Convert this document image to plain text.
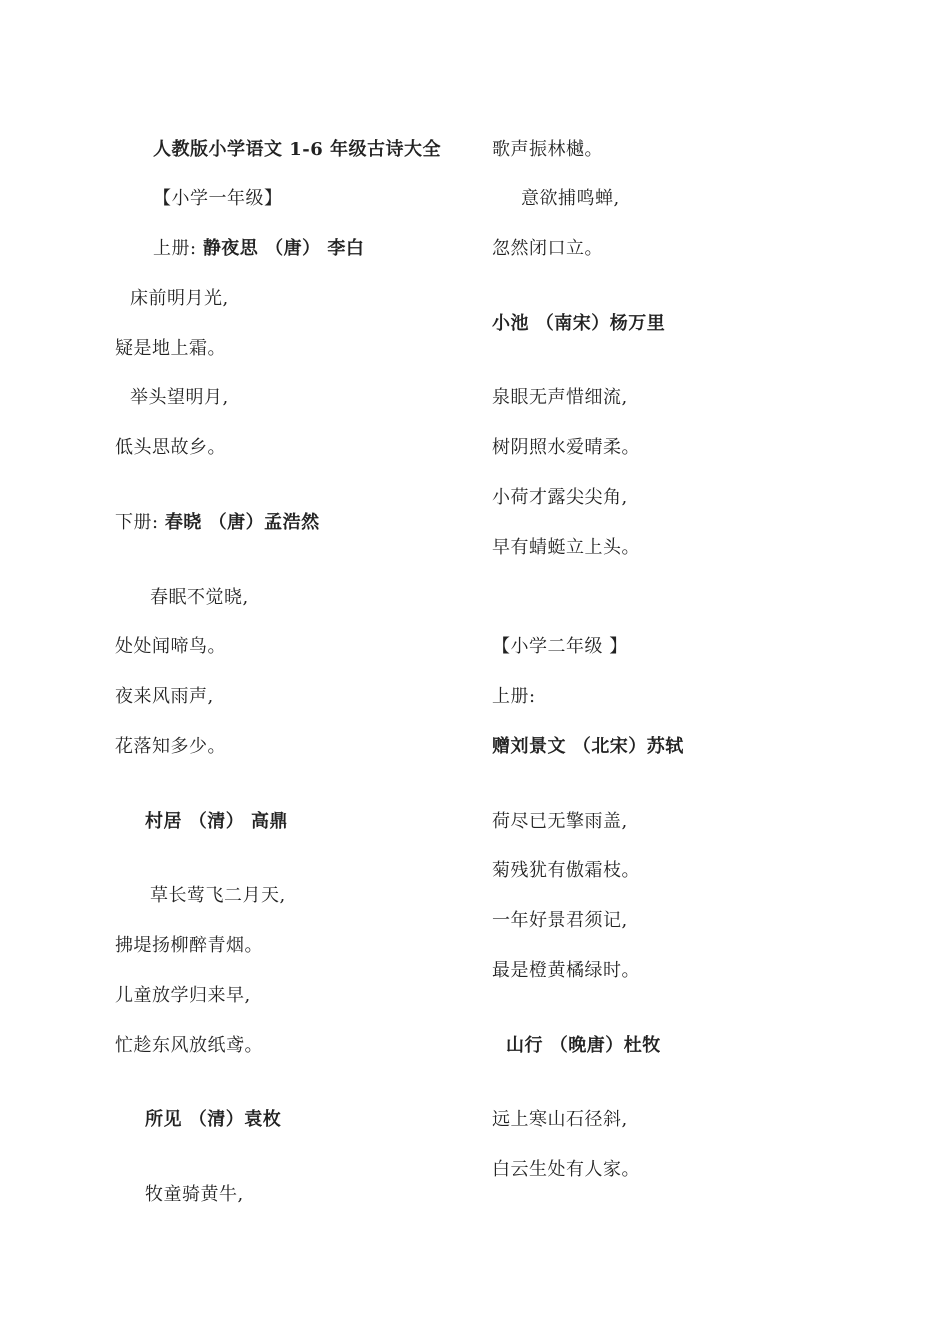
人教版小学语文 1-6 年级古诗大全
【小学一年级】
上册: 静夜思 （唐） 李白
床前明月光,
疑是地上霜。
举头望明月,
低头思故乡。
下册: 春晓 （唐）孟浩然
春眠不觉晓,
处处闻啼鸟。
夜来风雨声,
花落知多少。
村居 （清） 高鼎
草长莺飞二月天,
拂堤扬柳醉青烟。
儿童放学归来早,
忙趁东风放纸鸢。
所见 （清）袁枚
牧童骑黄牛,
歌声振林樾。
意欲捕鸣蝉,
忽然闭口立。
小池 （南宋）杨万里
泉眼无声惜细流,
树阴照水爱晴柔。
小荷才露尖尖角,
早有蜻蜓立上头。
【小学二年级 】
上册:
赠刘景文 （北宋）苏轼
荷尽已无擎雨盖,
菊残犹有傲霜枝。
一年好景君须记,
最是橙黄橘绿时。
山行 （晚唐）杜牧
远上寒山石径斜,
白云生处有人家。
